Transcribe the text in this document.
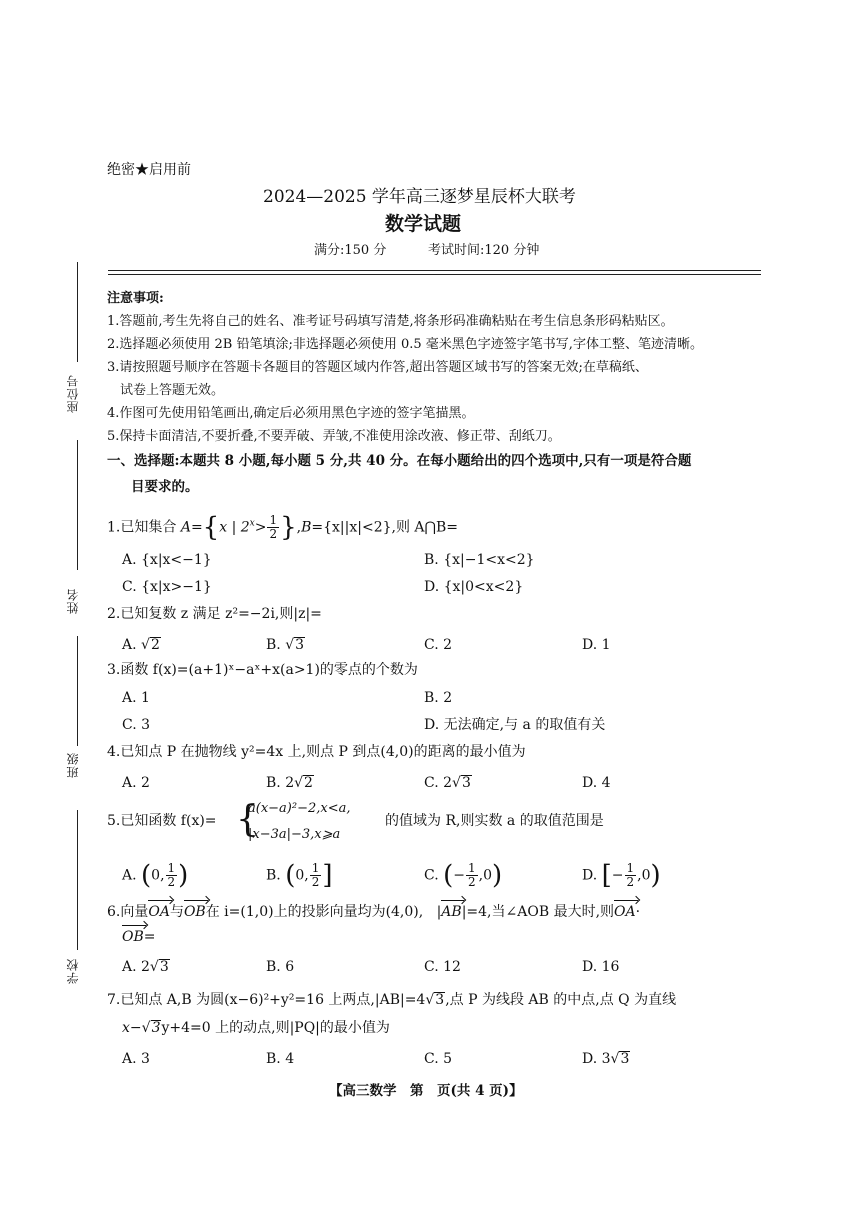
绝密★启用前
2024—2025 学年高三逐梦星辰杯大联考
数学试题
满分:150 分	考试时间:120 分钟
座位号
姓名
班级
学校
注意事项:
1.答题前,考生先将自己的姓名、准考证号码填写清楚,将条形码准确粘贴在考生信息条形码粘贴区。
2.选择题必须使用 2B 铅笔填涂;非选择题必须使用 0.5 毫米黑色字迹签字笔书写,字体工整、笔迹清晰。
3.请按照题号顺序在答题卡各题目的答题区域内作答,超出答题区域书写的答案无效;在草稿纸、
试卷上答题无效。
4.作图可先使用铅笔画出,确定后必须用黑色字迹的签字笔描黑。
5.保持卡面清洁,不要折叠,不要弄破、弄皱,不准使用涂改液、修正带、刮纸刀。
一、选择题:本题共 8 小题,每小题 5 分,共 40 分。在每小题给出的四个选项中,只有一项是符合题
目要求的。
1.已知集合 A={x | $2^x> \frac{1}{2} \},B=\{x||x|<2\}$,则 A⋂B=
A. {x|x<−1}	B. {x|−1<x<2}
C. {x|x>−1}	D. {x|0<x<2}
2.已知复数 z 满足 z²=−2i,则|z|=
A. √2	B. √3	C. 2	D. 1
3.函数 f(x)=(a+1)ˣ−aˣ+x(a>1)的零点的个数为
A. 1	B. 2
C. 3	D. 无法确定,与 a 的取值有关
4.已知点 P 在抛物线 y²=4x 上,则点 P 到点(4,0)的距离的最小值为
A. 2	B. 2√2	C. 2√3	D. 4
5.已知函数 f(x)= {
a(x−a)²−2,x<a,
|x−3a|−3,x⩾a
的值域为 R,则实数 a 的取值范围是
A. (0, $\frac{1}{2}$ )	B. (0, $\frac{1}{2}$ ]	C. (− $\frac{1}{2} ,0$)	D. [− $\frac{1}{2} ,0$)
6.向量OA与OB在 i=(1,0)上的投影向量均为(4,0), |AB|=4,当∠AOB 最大时,则OA·
OB=
A. 2√3	B. 6	C. 12	D. 16
7.已知点 A,B 为圆(x−6)²+y²=16 上两点,|AB|=4√3,点 P 为线段 AB 的中点,点 Q 为直线
x−√3y+4=0 上的动点,则|PQ|的最小值为
A. 3	B. 4	C. 5	D. 3√3
【高三数学　第　页(共 4 页)】
